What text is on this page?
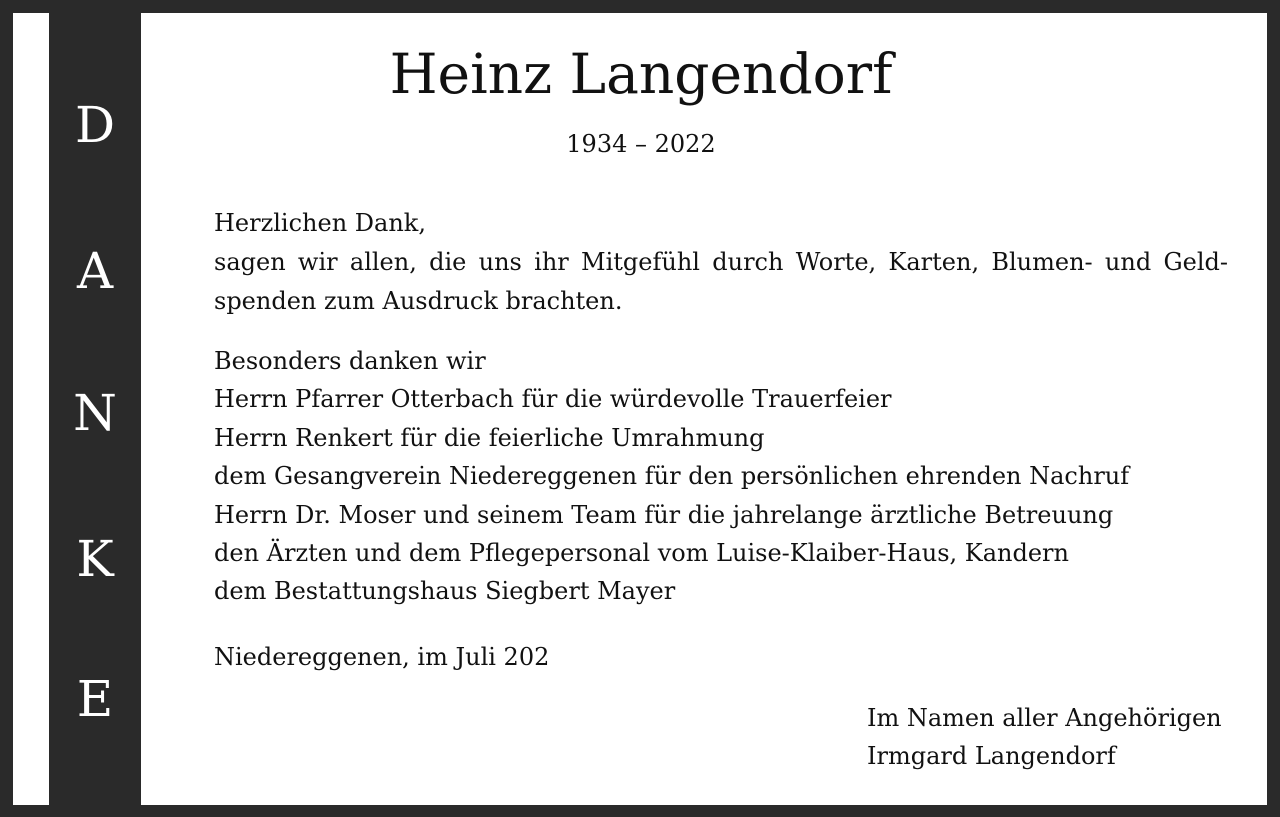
D
A
N
K
E
Heinz Langendorf
1934 – 2022
Herzlichen Dank,
sagen wir allen, die uns ihr Mitgefühl durch Worte, Karten, Blumen- und Geld-
spenden zum Ausdruck brachten.
Besonders danken wir
Herrn Pfarrer Otterbach für die würdevolle Trauerfeier
Herrn Renkert für die feierliche Umrahmung
dem Gesangverein Niedereggenen für den persönlichen ehrenden Nachruf
Herrn Dr. Moser und seinem Team für die jahrelange ärztliche Betreuung
den Ärzten und dem Pflegepersonal vom Luise-Klaiber-Haus, Kandern
dem Bestattungshaus Siegbert Mayer
Niedereggenen, im Juli 202
Im Namen aller Angehörigen
Irmgard Langendorf
